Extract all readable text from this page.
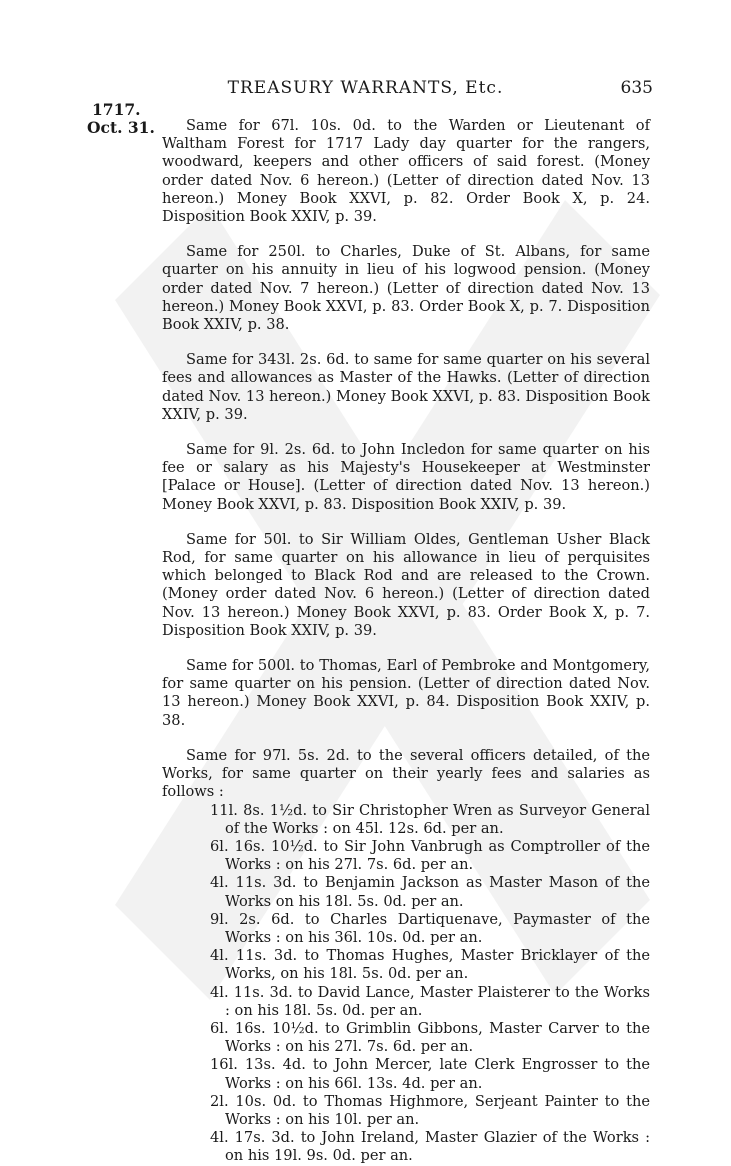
TREASURY WARRANTS, Etc.	635
1717.
Oct. 31.	Same for 67l. 10s. 0d. to the Warden or Lieutenant of Waltham Forest for 1717 Lady day quarter for the rangers, woodward, keepers and other officers of said forest. (Money order dated Nov. 6 hereon.) (Letter of direction dated Nov. 13 hereon.) Money Book XXVI, p. 82. Order Book X, p. 24. Disposition Book XXIV, p. 39.

Same for 250l. to Charles, Duke of St. Albans, for same quarter on his annuity in lieu of his logwood pension. (Money order dated Nov. 7 hereon.) (Letter of direction dated Nov. 13 hereon.) Money Book XXVI, p. 83. Order Book X, p. 7. Disposition Book XXIV, p. 38.

Same for 343l. 2s. 6d. to same for same quarter on his several fees and allowances as Master of the Hawks. (Letter of direction dated Nov. 13 hereon.) Money Book XXVI, p. 83. Disposition Book XXIV, p. 39.

Same for 9l. 2s. 6d. to John Incledon for same quarter on his fee or salary as his Majesty's Housekeeper at Westminster [Palace or House]. (Letter of direction dated Nov. 13 hereon.) Money Book XXVI, p. 83. Disposition Book XXIV, p. 39.

Same for 50l. to Sir William Oldes, Gentleman Usher Black Rod, for same quarter on his allowance in lieu of perquisites which belonged to Black Rod and are released to the Crown. (Money order dated Nov. 6 hereon.) (Letter of direction dated Nov. 13 hereon.) Money Book XXVI, p. 83. Order Book X, p. 7. Disposition Book XXIV, p. 39.

Same for 500l. to Thomas, Earl of Pembroke and Montgomery, for same quarter on his pension. (Letter of direction dated Nov. 13 hereon.) Money Book XXVI, p. 84. Disposition Book XXIV, p. 38.

Same for 97l. 5s. 2d. to the several officers detailed, of the Works, for same quarter on their yearly fees and salaries as follows :

11l. 8s. 1½d. to Sir Christopher Wren as Surveyor General of the Works : on 45l. 12s. 6d. per an.

6l. 16s. 10½d. to Sir John Vanbrugh as Comptroller of the Works : on his 27l. 7s. 6d. per an.

4l. 11s. 3d. to Benjamin Jackson as Master Mason of the Works on his 18l. 5s. 0d. per an.

9l. 2s. 6d. to Charles Dartiquenave, Paymaster of the Works : on his 36l. 10s. 0d. per an.

4l. 11s. 3d. to Thomas Hughes, Master Bricklayer of the Works, on his 18l. 5s. 0d. per an.

4l. 11s. 3d. to David Lance, Master Plaisterer to the Works : on his 18l. 5s. 0d. per an.

6l. 16s. 10½d. to Grimblin Gibbons, Master Carver to the Works : on his 27l. 7s. 6d. per an.

16l. 13s. 4d. to John Mercer, late Clerk Engrosser to the Works : on his 66l. 13s. 4d. per an.

2l. 10s. 0d. to Thomas Highmore, Serjeant Painter to the Works : on his 10l. per an.

4l. 17s. 3d. to John Ireland, Master Glazier of the Works : on his 19l. 9s. 0d. per an.
